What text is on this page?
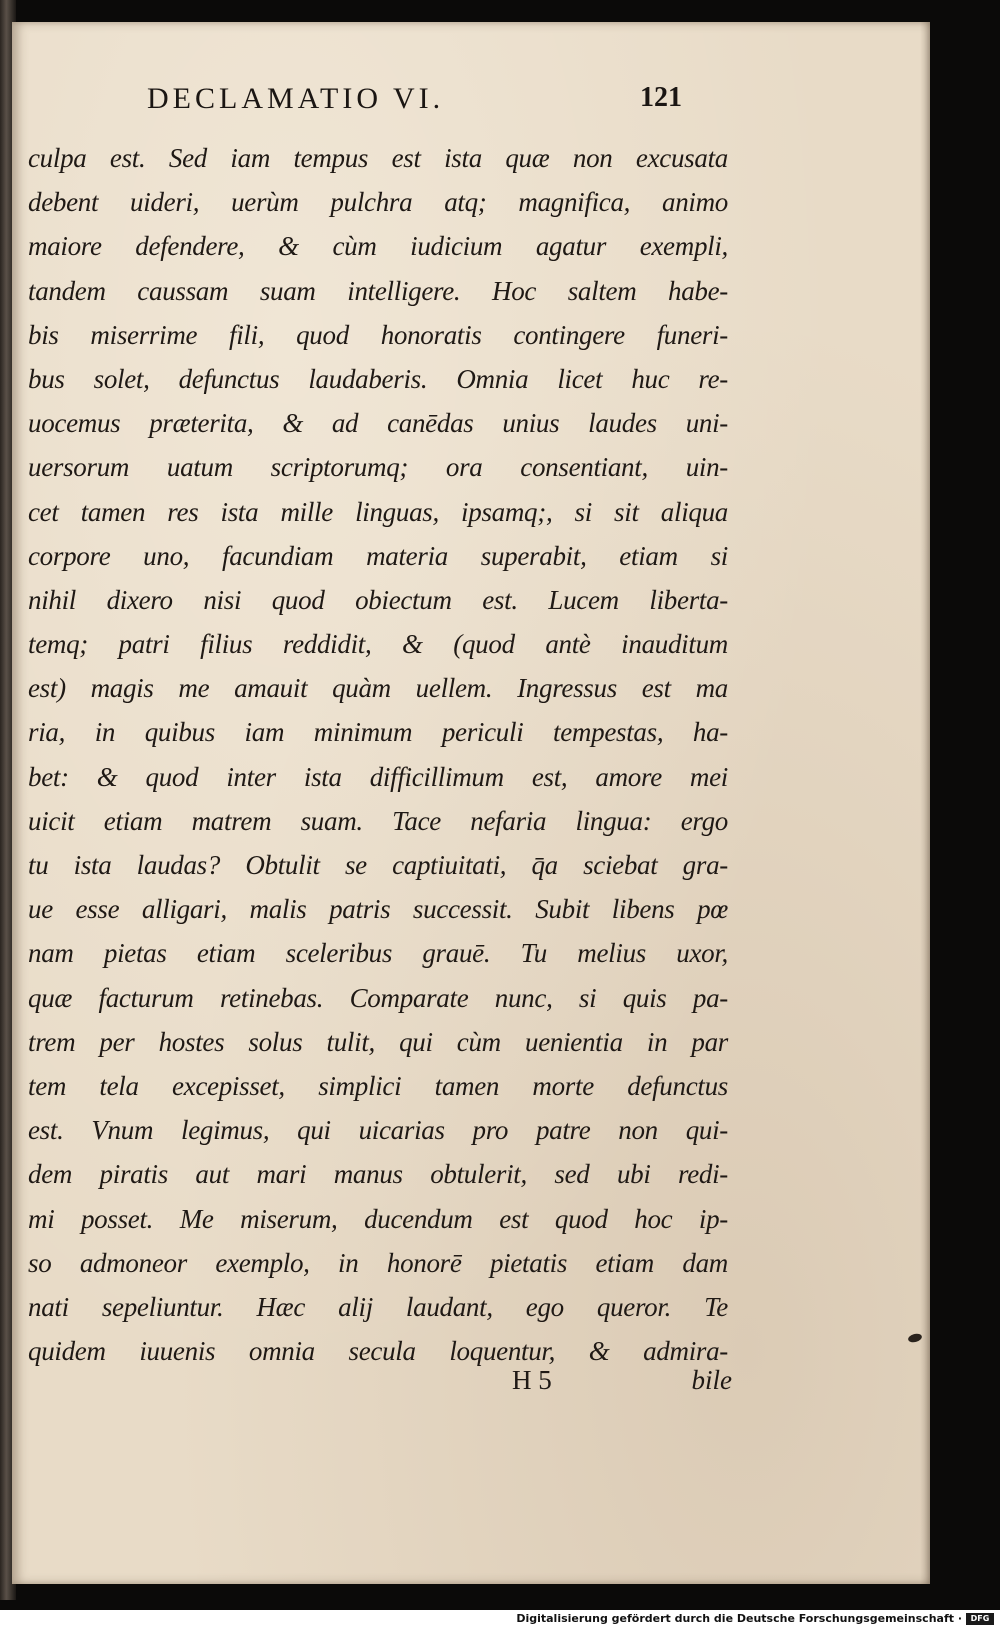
DECLAMATIO VI.	121
culpa est. Sed iam tempus est ista quæ non excusata
debent uideri, uerùm pulchra atq; magnifica, animo
maiore defendere, & cùm iudicium agatur exempli,
tandem caussam suam intelligere. Hoc saltem habe-
bis miserrime fili, quod honoratis contingere funeri-
bus solet, defunctus laudaberis. Omnia licet huc re-
uocemus præterita, & ad canēdas unius laudes uni-
uersorum uatum scriptorumq; ora consentiant, uin-
cet tamen res ista mille linguas, ipsamq;, si sit aliqua
corpore uno, facundiam materia superabit, etiam si
nihil dixero nisi quod obiectum est. Lucem liberta-
temq; patri filius reddidit, & (quod antè inauditum
est) magis me amauit quàm uellem. Ingressus est ma
ria, in quibus iam minimum periculi tempestas, ha-
bet: & quod inter ista difficillimum est, amore mei
uicit etiam matrem suam. Tace nefaria lingua: ergo
tu ista laudas? Obtulit se captiuitati, q̄a sciebat gra-
ue esse alligari, malis patris successit. Subit libens pœ
nam pietas etiam sceleribus grauē. Tu melius uxor,
quæ facturum retinebas. Comparate nunc, si quis pa-
trem per hostes solus tulit, qui cùm uenientia in par
tem tela excepisset, simplici tamen morte defunctus
est. Vnum legimus, qui uicarias pro patre non qui-
dem piratis aut mari manus obtulerit, sed ubi redi-
mi posset. Me miserum, ducendum est quod hoc ip-
so admoneor exemplo, in honorē pietatis etiam dam
nati sepeliuntur. Hæc alij laudant, ego queror. Te
quidem iuuenis omnia secula loquentur, & admira-
H 5	bile
Digitalisierung gefördert durch die Deutsche Forschungsgemeinschaft ·	DFG
